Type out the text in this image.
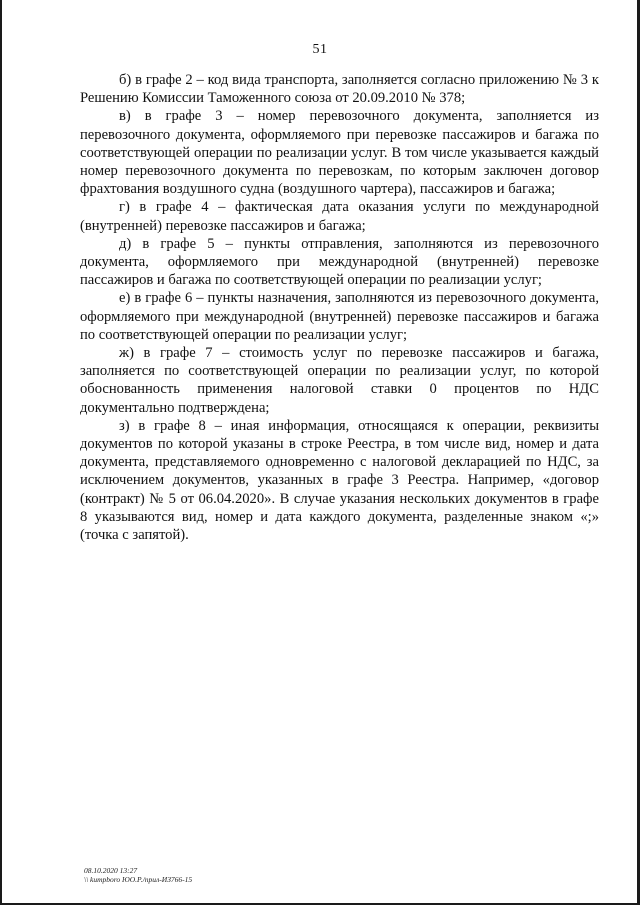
51

б) в графе 2 – код вида транспорта, заполняется согласно приложению № 3 к Решению Комиссии Таможенного союза от 20.09.2010 № 378;

в) в графе 3 – номер перевозочного документа, заполняется из перевозочного документа, оформляемого при перевозке пассажиров и багажа по соответствующей операции по реализации услуг. В том числе указывается каждый номер перевозочного документа по перевозкам, по которым заключен договор фрахтования воздушного судна (воздушного чартера), пассажиров и багажа;

г) в графе 4 – фактическая дата оказания услуги по международной (внутренней) перевозке пассажиров и багажа;

д) в графе 5 – пункты отправления, заполняются из перевозочного документа, оформляемого при международной (внутренней) перевозке пассажиров и багажа по соответствующей операции по реализации услуг;

е) в графе 6 – пункты назначения, заполняются из перевозочного документа, оформляемого при международной (внутренней) перевозке пассажиров и багажа по соответствующей операции по реализации услуг;

ж) в графе 7 – стоимость услуг по перевозке пассажиров и багажа, заполняется по соответствующей операции по реализации услуг, по которой обоснованность применения налоговой ставки 0 процентов по НДС документально подтверждена;

з) в графе 8 – иная информация, относящаяся к операции, реквизиты документов по которой указаны в строке Реестра, в том числе вид, номер и дата документа, представляемого одновременно с налоговой декларацией по НДС, за исключением документов, указанных в графе 3 Реестра. Например, «договор (контракт) № 5 от 06.04.2020». В случае указания нескольких документов в графе 8 указываются вид, номер и дата каждого документа, разделенные знаком «;» (точка с запятой).

08.10.2020 13:27
\\ kumpboro ЮО.Р./прил-ИЗ766-15
